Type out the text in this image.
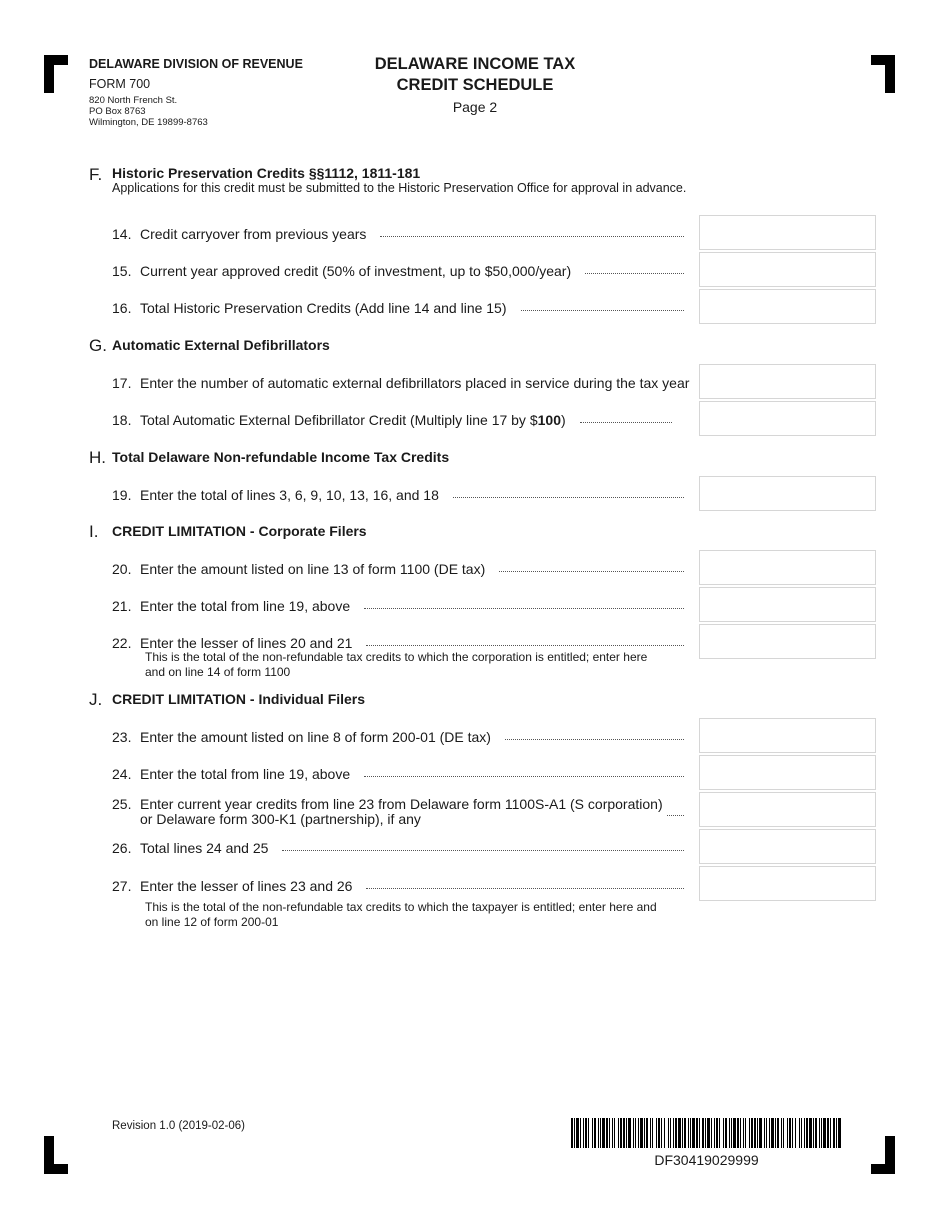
DELAWARE DIVISION OF REVENUE
FORM 700
820 North French St.
PO Box 8763
Wilmington, DE 19899-8763
DELAWARE INCOME TAX
CREDIT SCHEDULE
Page 2
F. Historic Preservation Credits §§1112, 1811-181
Applications for this credit must be submitted to the Historic Preservation Office for approval in advance.
14. Credit carryover from previous years
15. Current year approved credit (50% of investment, up to $50,000/year)
16. Total Historic Preservation Credits (Add line 14 and line 15)
G. Automatic External Defibrillators
17. Enter the number of automatic external defibrillators placed in service during the tax year
18. Total Automatic External Defibrillator Credit (Multiply line 17 by $100)
H. Total Delaware Non-refundable Income Tax Credits
19. Enter the total of lines 3, 6, 9, 10, 13, 16, and 18
I. CREDIT LIMITATION - Corporate Filers
20. Enter the amount listed on line 13 of form 1100 (DE tax)
21. Enter the total from line 19, above
22. Enter the lesser of lines 20 and 21
This is the total of the non-refundable tax credits to which the corporation is entitled; enter here
and on line 14 of form 1100
J. CREDIT LIMITATION - Individual Filers
23. Enter the amount listed on line 8 of form 200-01 (DE tax)
24. Enter the total from line 19, above
25. Enter current year credits from line 23 from Delaware form 1100S-A1 (S corporation)
or Delaware form 300-K1 (partnership), if any
26. Total lines 24 and 25
27. Enter the lesser of lines 23 and 26
This is the total of the non-refundable tax credits to which the taxpayer is entitled; enter here and
on line 12 of form 200-01
Revision 1.0 (2019-02-06)
DF30419029999
